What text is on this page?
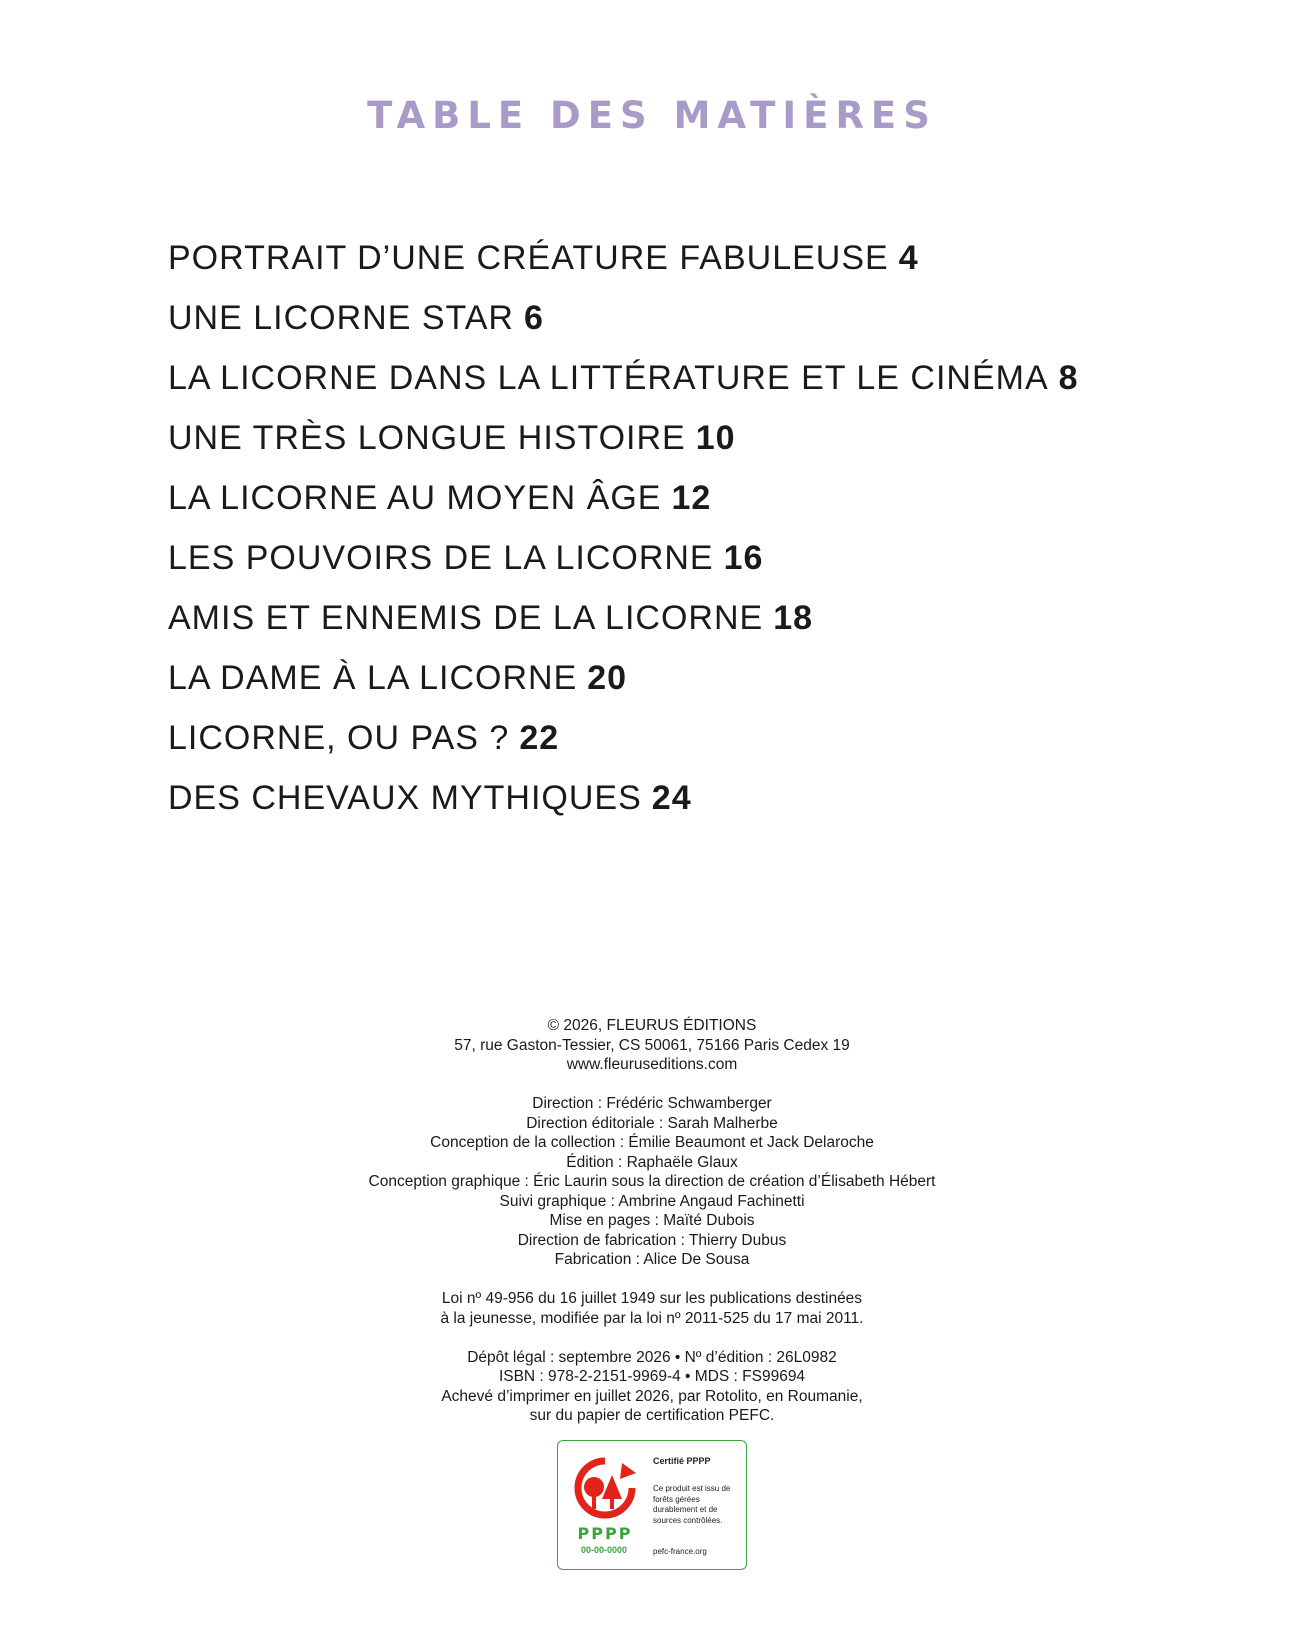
TABLE DES MATIÈRES
PORTRAIT D’UNE CRÉATURE FABULEUSE 4
UNE LICORNE STAR 6
LA LICORNE DANS LA LITTÉRATURE ET LE CINÉMA 8
UNE TRÈS LONGUE HISTOIRE 10
LA LICORNE AU MOYEN ÂGE 12
LES POUVOIRS DE LA LICORNE 16
AMIS ET ENNEMIS DE LA LICORNE 18
LA DAME À LA LICORNE 20
LICORNE, OU PAS ? 22
DES CHEVAUX MYTHIQUES 24
© 2026, FLEURUS ÉDITIONS
57, rue Gaston-Tessier, CS 50061, 75166 Paris Cedex 19
www.fleuruseditions.com
Direction : Frédéric Schwamberger
Direction éditoriale : Sarah Malherbe
Conception de la collection : Émilie Beaumont et Jack Delaroche
Édition : Raphaële Glaux
Conception graphique : Éric Laurin sous la direction de création d’Élisabeth Hébert
Suivi graphique : Ambrine Angaud Fachinetti
Mise en pages : Maïté Dubois
Direction de fabrication : Thierry Dubus
Fabrication : Alice De Sousa
Loi nº 49-956 du 16 juillet 1949 sur les publications destinées
à la jeunesse, modifiée par la loi nº 2011-525 du 17 mai 2011.
Dépôt légal : septembre 2026 • Nº d’édition : 26L0982
ISBN : 978-2-2151-9969-4 • MDS : FS99694
Achevé d’imprimer en juillet 2026, par Rotolito, en Roumanie,
sur du papier de certification PEFC.
PPPP
00-00-0000
Certifié PPPP
Ce produit est issu de forêts gérées durablement et de sources contrôlées.
pefc-france.org
